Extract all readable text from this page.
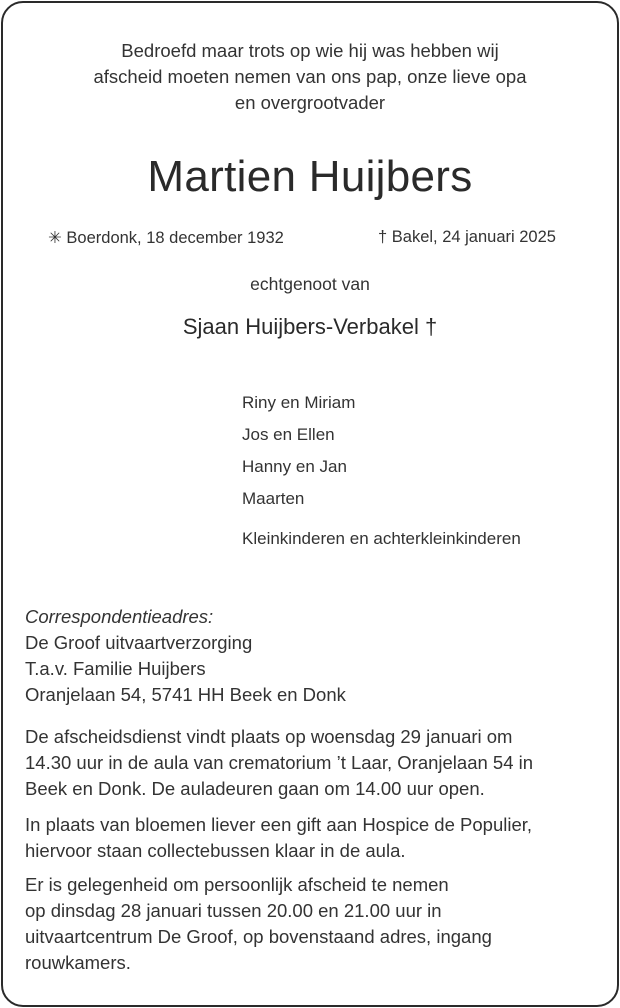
Bedroefd maar trots op wie hij was hebben wij
afscheid moeten nemen van ons pap, onze lieve opa
en overgrootvader
Martien Huijbers
✳ Boerdonk, 18 december 1932	† Bakel, 24 januari 2025
echtgenoot van
Sjaan Huijbers-Verbakel †
Riny en Miriam
Jos en Ellen
Hanny en Jan
Maarten
Kleinkinderen en achterkleinkinderen
Correspondentieadres:
De Groof uitvaartverzorging
T.a.v. Familie Huijbers
Oranjelaan 54, 5741 HH Beek en Donk
De afscheidsdienst vindt plaats op woensdag 29 januari om
14.30 uur in de aula van crematorium ’t Laar, Oranjelaan 54 in
Beek en Donk. De auladeuren gaan om 14.00 uur open.
In plaats van bloemen liever een gift aan Hospice de Populier,
hiervoor staan collectebussen klaar in de aula.
Er is gelegenheid om persoonlijk afscheid te nemen
op dinsdag 28 januari tussen 20.00 en 21.00 uur in
uitvaartcentrum De Groof, op bovenstaand adres, ingang
rouwkamers.
